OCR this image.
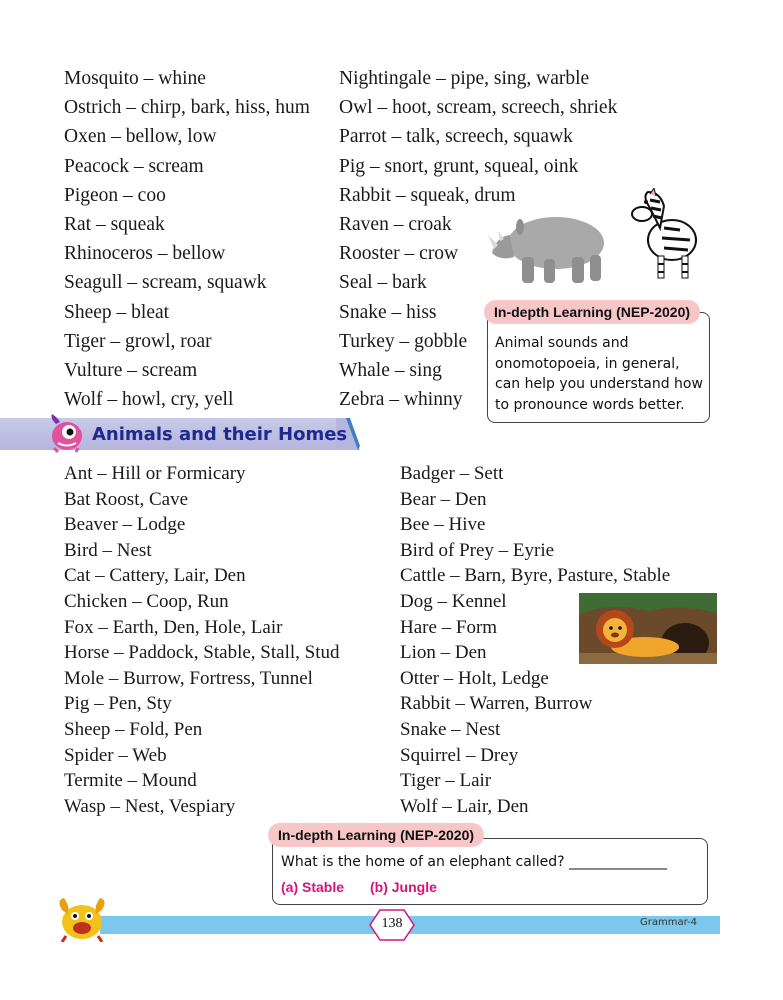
Mosquito – whine
Ostrich – chirp, bark, hiss, hum
Oxen – bellow, low
Peacock – scream
Pigeon – coo
Rat – squeak
Rhinoceros – bellow
Seagull – scream, squawk
Sheep – bleat
Tiger – growl, roar
Vulture – scream
Wolf – howl, cry, yell
Nightingale – pipe, sing, warble
Owl – hoot, scream, screech, shriek
Parrot – talk, screech, squawk
Pig – snort, grunt, squeal, oink
Rabbit – squeak, drum
Raven – croak
Rooster – crow
Seal – bark
Snake – hiss
Turkey – gobble
Whale – sing
Zebra – whinny
In-depth Learning (NEP-2020)
Animal sounds and
onomotopoeia, in general,
can help you understand how
to pronounce words better.
Animals and their Homes
Ant – Hill or Formicary
Bat Roost, Cave
Beaver – Lodge
Bird – Nest
Cat – Cattery, Lair, Den
Chicken – Coop, Run
Fox – Earth, Den, Hole, Lair
Horse – Paddock, Stable, Stall, Stud
Mole – Burrow, Fortress, Tunnel
Pig – Pen, Sty
Sheep – Fold, Pen
Spider – Web
Termite – Mound
Wasp – Nest, Vespiary
Badger – Sett
Bear – Den
Bee – Hive
Bird of Prey – Eyrie
Cattle – Barn, Byre, Pasture, Stable
Dog – Kennel
Hare – Form
Lion – Den
Otter – Holt, Ledge
Rabbit – Warren, Burrow
Snake – Nest
Squirrel – Drey
Tiger – Lair
Wolf – Lair, Den
In-depth Learning (NEP-2020)
What is the home of an elephant called? ______________
(a) Stable (b) Jungle
138	Grammar-4
